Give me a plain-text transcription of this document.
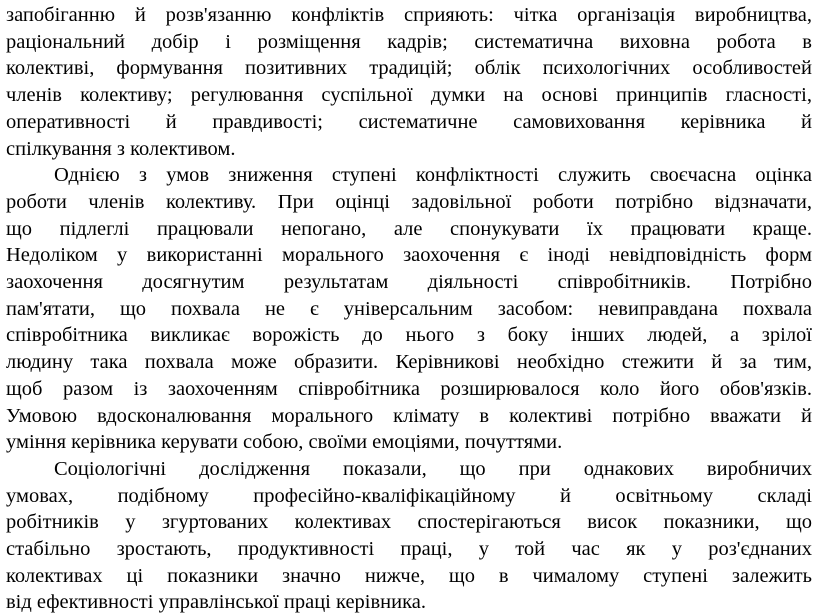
запобіганню й розв'язанню конфліктів сприяють: чітка організація виробництва,
раціональний добір і розміщення кадрів; систематична виховна робота в
колективі, формування позитивних традицій; облік психологічних особливостей
членів колективу; регулювання суспільної думки на основі принципів гласності,
оперативності й правдивості; систематичне самовиховання керівника й
спілкування з колективом.
Однією з умов зниження ступені конфліктності служить своєчасна оцінка
роботи членів колективу. При оцінці задовільної роботи потрібно відзначати,
що підлеглі працювали непогано, але спонукувати їх працювати краще.
Недоліком у використанні морального заохочення є іноді невідповідність форм
заохочення досягнутим результатам діяльності співробітників. Потрібно
пам'ятати, що похвала не є універсальним засобом: невиправдана похвала
співробітника викликає ворожість до нього з боку інших людей, а зрілої
людину така похвала може образити. Керівникові необхідно стежити й за тим,
щоб разом із заохоченням співробітника розширювалося коло його обов'язків.
Умовою вдосконалювання морального клімату в колективі потрібно вважати й
уміння керівника керувати собою, своїми емоціями, почуттями.
Соціологічні дослідження показали, що при однакових виробничих
умовах, подібному професійно-кваліфікаційному й освітньому складі
робітників у згуртованих колективах спостерігаються висок показники, що
стабільно зростають, продуктивності праці, у той час як у роз'єднаних
колективах ці показники значно нижче, що в чималому ступені залежить
від ефективності управлінської праці керівника.
